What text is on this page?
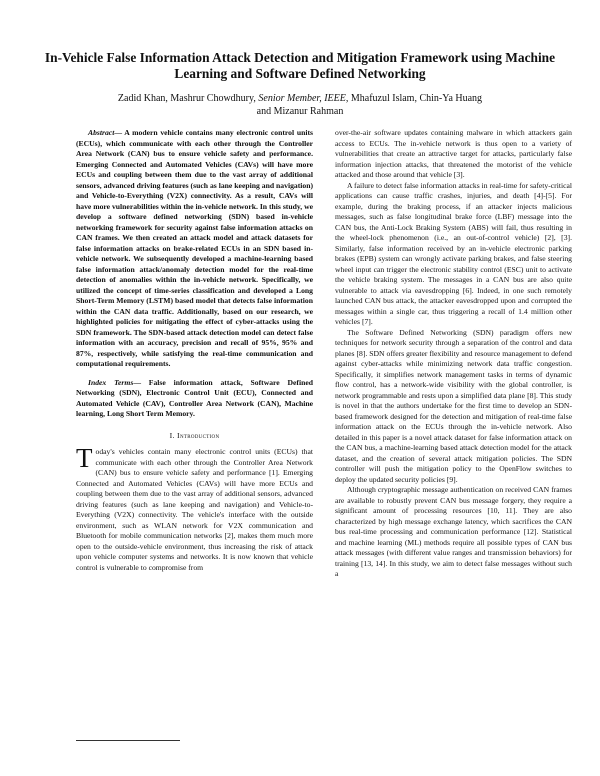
In-Vehicle False Information Attack Detection and Mitigation Framework using Machine Learning and Software Defined Networking
Zadid Khan, Mashrur Chowdhury, Senior Member, IEEE, Mhafuzul Islam, Chin-Ya Huang
and Mizanur Rahman

Abstract— A modern vehicle contains many electronic control units (ECUs), which communicate with each other through the Controller Area Network (CAN) bus to ensure vehicle safety and performance. Emerging Connected and Automated Vehicles (CAVs) will have more ECUs and coupling between them due to the vast array of additional sensors, advanced driving features (such as lane keeping and navigation) and Vehicle-to-Everything (V2X) connectivity. As a result, CAVs will have more vulnerabilities within the in-vehicle network. In this study, we develop a software defined networking (SDN) based in-vehicle networking framework for security against false information attacks on CAN frames. We then created an attack model and attack datasets for false information attacks on brake-related ECUs in an SDN based in-vehicle network. We subsequently developed a machine-learning based false information attack/anomaly detection model for the real-time detection of anomalies within the in-vehicle network. Specifically, we utilized the concept of time-series classification and developed a Long Short-Term Memory (LSTM) based model that detects false information within the CAN data traffic. Additionally, based on our research, we highlighted policies for mitigating the effect of cyber-attacks using the SDN framework. The SDN-based attack detection model can detect false information with an accuracy, precision and recall of 95%, 95% and 87%, respectively, while satisfying the real-time communication and computational requirements.

Index Terms— False information attack, Software Defined Networking (SDN), Electronic Control Unit (ECU), Connected and Automated Vehicle (CAV), Controller Area Network (CAN), Machine learning, Long Short Term Memory.

I. Introduction

Today's vehicles contain many electronic control units (ECUs) that communicate with each other through the Controller Area Network (CAN) bus to ensure vehicle safety and performance [1]. Emerging Connected and Automated Vehicles (CAVs) will have more ECUs and coupling between them due to the vast array of additional sensors, advanced driving features (such as lane keeping and navigation) and Vehicle-to-Everything (V2X) connectivity. The vehicle's interface with the outside environment, such as WLAN network for V2X communication and Bluetooth for mobile communication networks [2], makes them much more open to the outside-vehicle environment, thus increasing the risk of attack upon vehicle computer systems and networks. It is now known that vehicle control is vulnerable to compromise from

over-the-air software updates containing malware in which attackers gain access to ECUs. The in-vehicle network is thus open to a variety of vulnerabilities that create an attractive target for attacks, particularly false information injection attacks, that threatened the motorist of the vehicle attacked and those around that vehicle [3].

A failure to detect false information attacks in real-time for safety-critical applications can cause traffic crashes, injuries, and death [4]-[5]. For example, during the braking process, if an attacker injects malicious messages, such as false longitudinal brake force (LBF) message into the CAN bus, the Anti-Lock Braking System (ABS) will fail, thus resulting in the wheel-lock phenomenon (i.e., an out-of-control vehicle) [2], [3]. Similarly, false information received by an in-vehicle electronic parking brakes (EPB) system can wrongly activate parking brakes, and false steering wheel input can trigger the electronic stability control (ESC) unit to activate the vehicle braking system. The messages in a CAN bus are also quite vulnerable to attack via eavesdropping [6]. Indeed, in one such remotely launched CAN bus attack, the attacker eavesdropped upon and corrupted the messages within a single car, thus triggering a recall of 1.4 million other vehicles [7].

The Software Defined Networking (SDN) paradigm offers new techniques for network security through a separation of the control and data planes [8]. SDN offers greater flexibility and resource management to defend against cyber-attacks while minimizing network data traffic congestion. Specifically, it simplifies network management tasks in terms of dynamic flow control, has a network-wide visibility with the global controller, is network programmable and rests upon a simplified data plane [8]. This study is novel in that the authors undertake for the first time to develop an SDN-based framework designed for the detection and mitigation of real-time false information attack on the ECUs through the in-vehicle network. Also detailed in this paper is a novel attack dataset for false information attack on the CAN bus, a machine-learning based attack detection model for the attack dataset, and the creation of several attack mitigation policies. The SDN controller will push the mitigation policy to the OpenFlow switches to deploy the updated security policies [9].

Although cryptographic message authentication on received CAN frames are available to robustly prevent CAN bus message forgery, they require a significant amount of processing resources [10, 11]. They are also characterized by high message exchange latency, which sacrifices the CAN bus real-time processing and communication performance [12]. Statistical and machine learning (ML) methods require all possible types of CAN bus attack messages (with different value ranges and transmission behaviors) for training [13, 14]. In this study, we aim to detect false messages without such a
